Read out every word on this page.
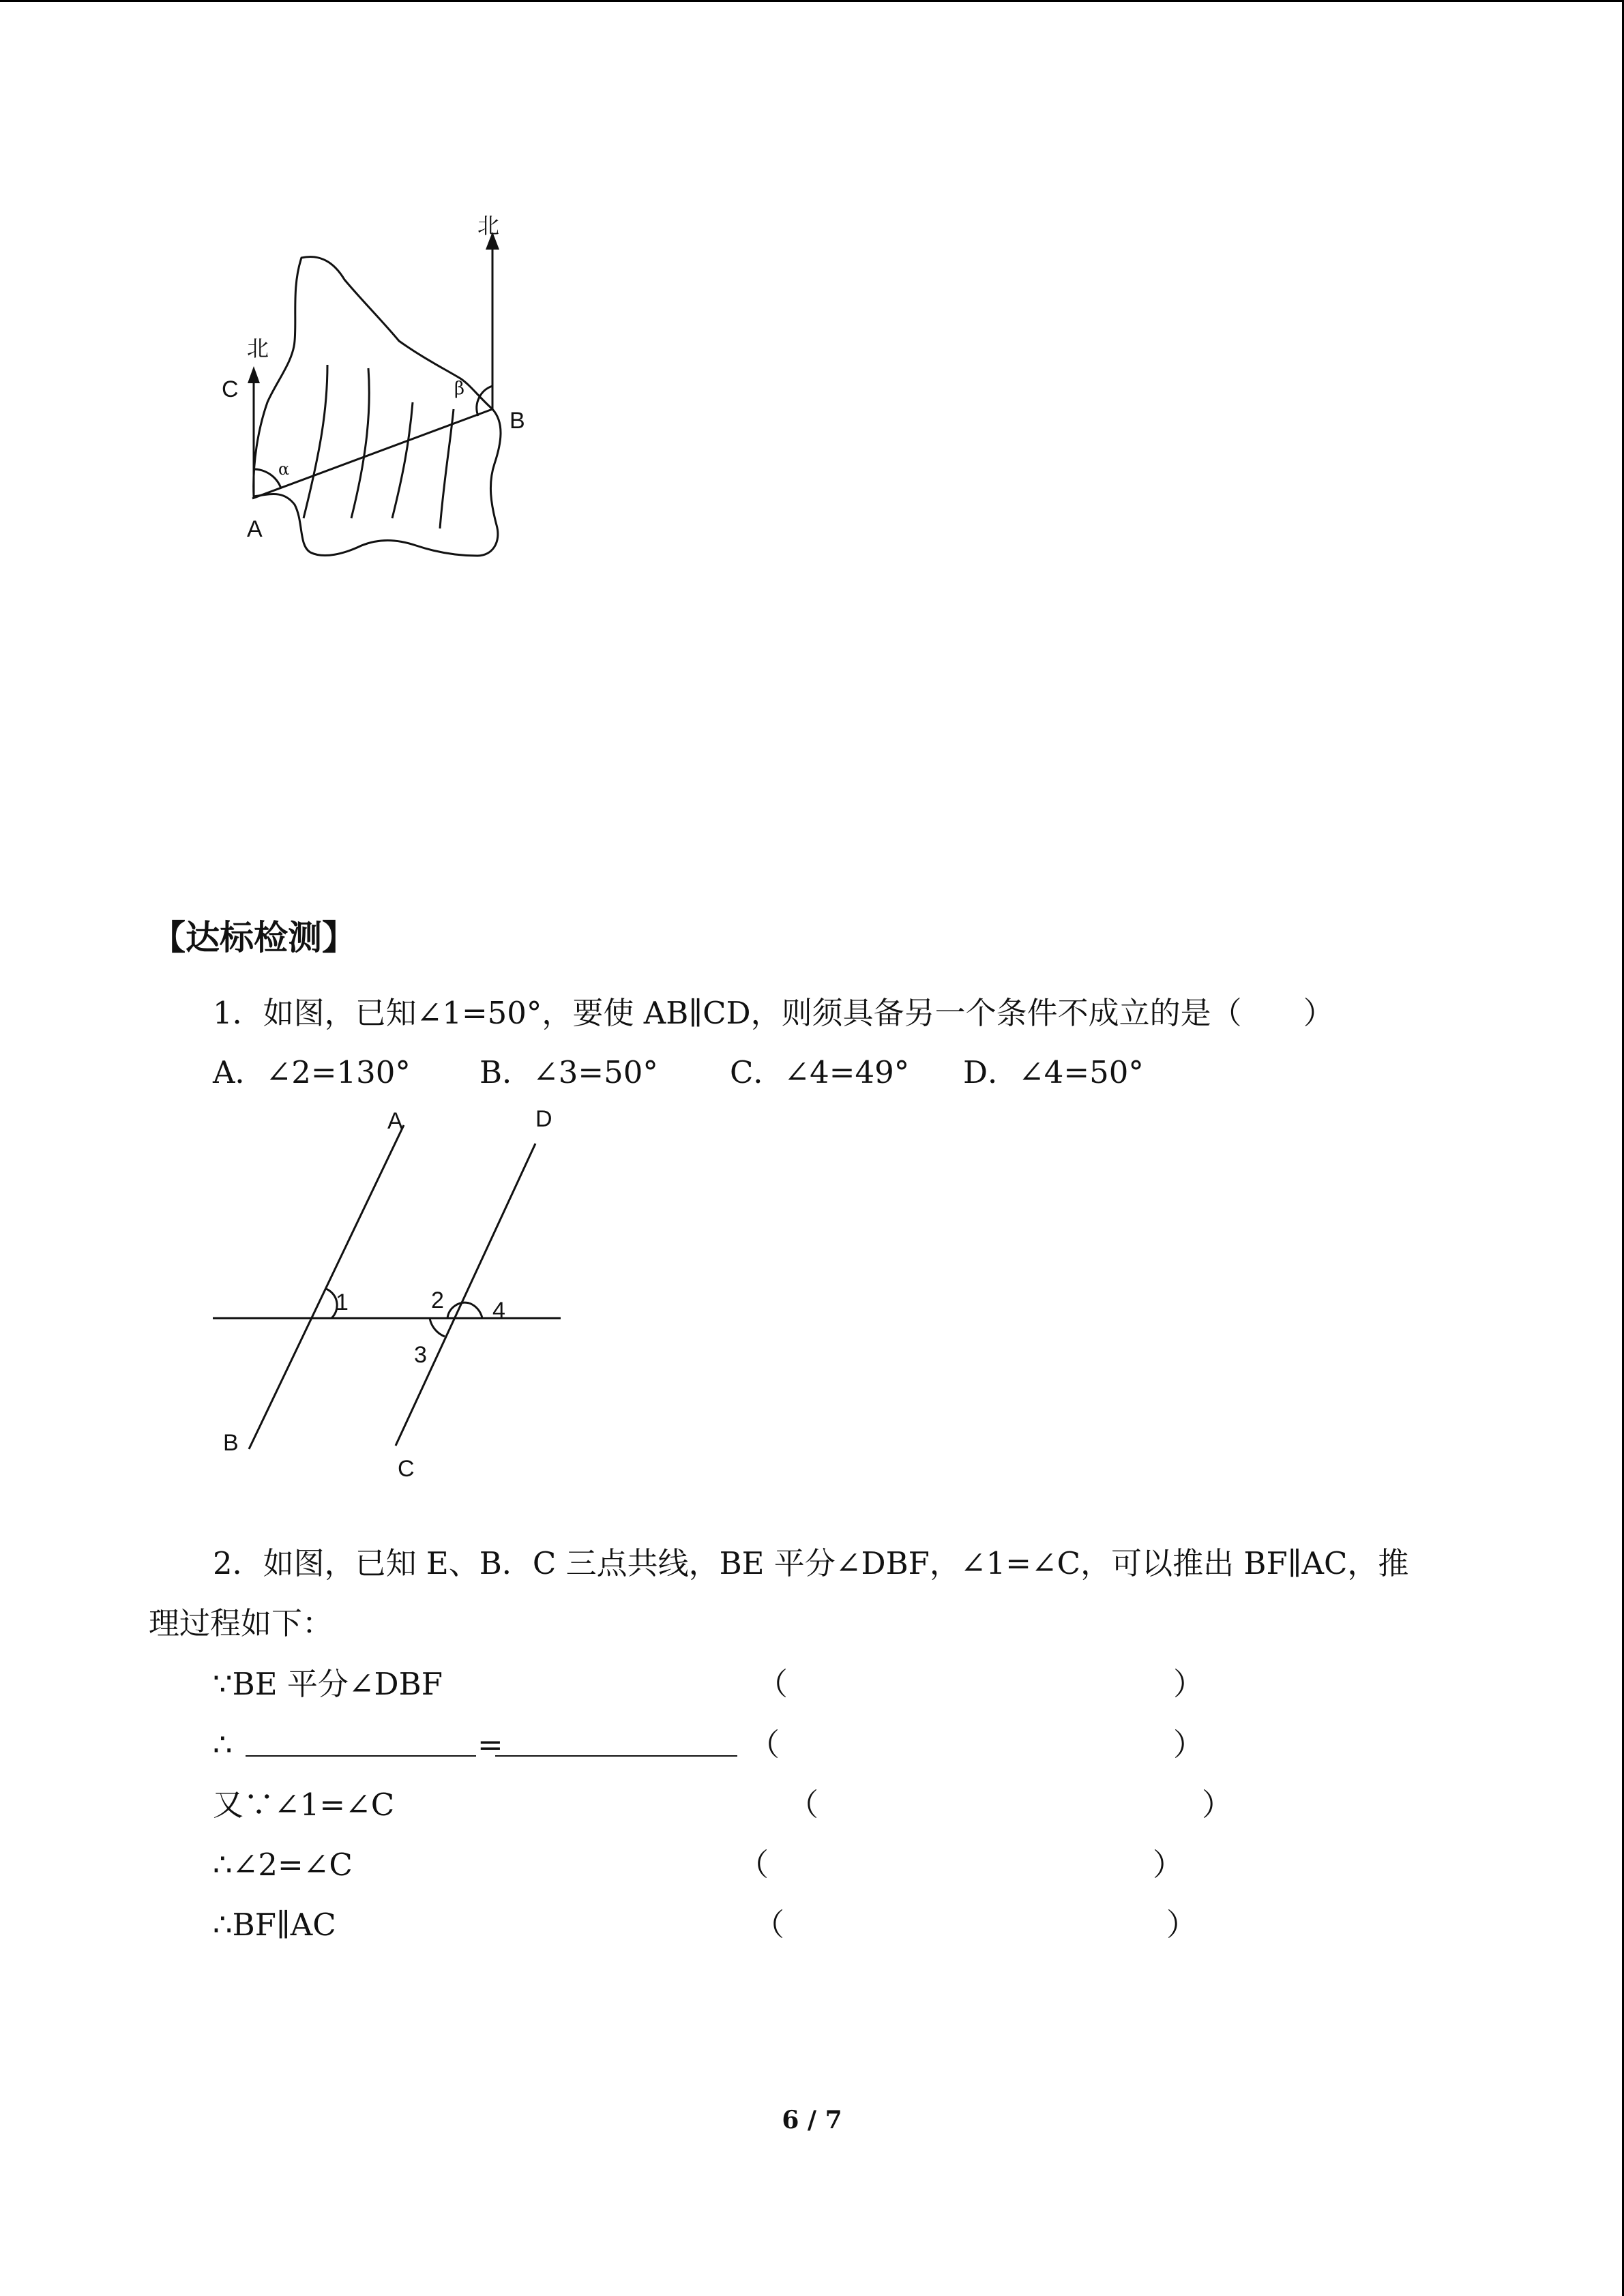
北
北
C
B
A
α
β
【达标检测】
1．如图，已知∠1=50°，要使 AB∥CD，则须具备另一个条件不成立的是（　　）
A．∠2=130° B．∠3=50° C．∠4=49° D．∠4=50°
A	D
B
C
1	2 4
3
2．如图，已知 E、B．C 三点共线，BE 平分∠DBF，∠1=∠C，可以推出 BF∥AC，推
理过程如下：
∵BE 平分∠DBF	（	）
∴	=	（	）
又∵∠1=∠C	（	）
∴∠2=∠C	（	）
∴BF∥AC	（	）
6 / 7
